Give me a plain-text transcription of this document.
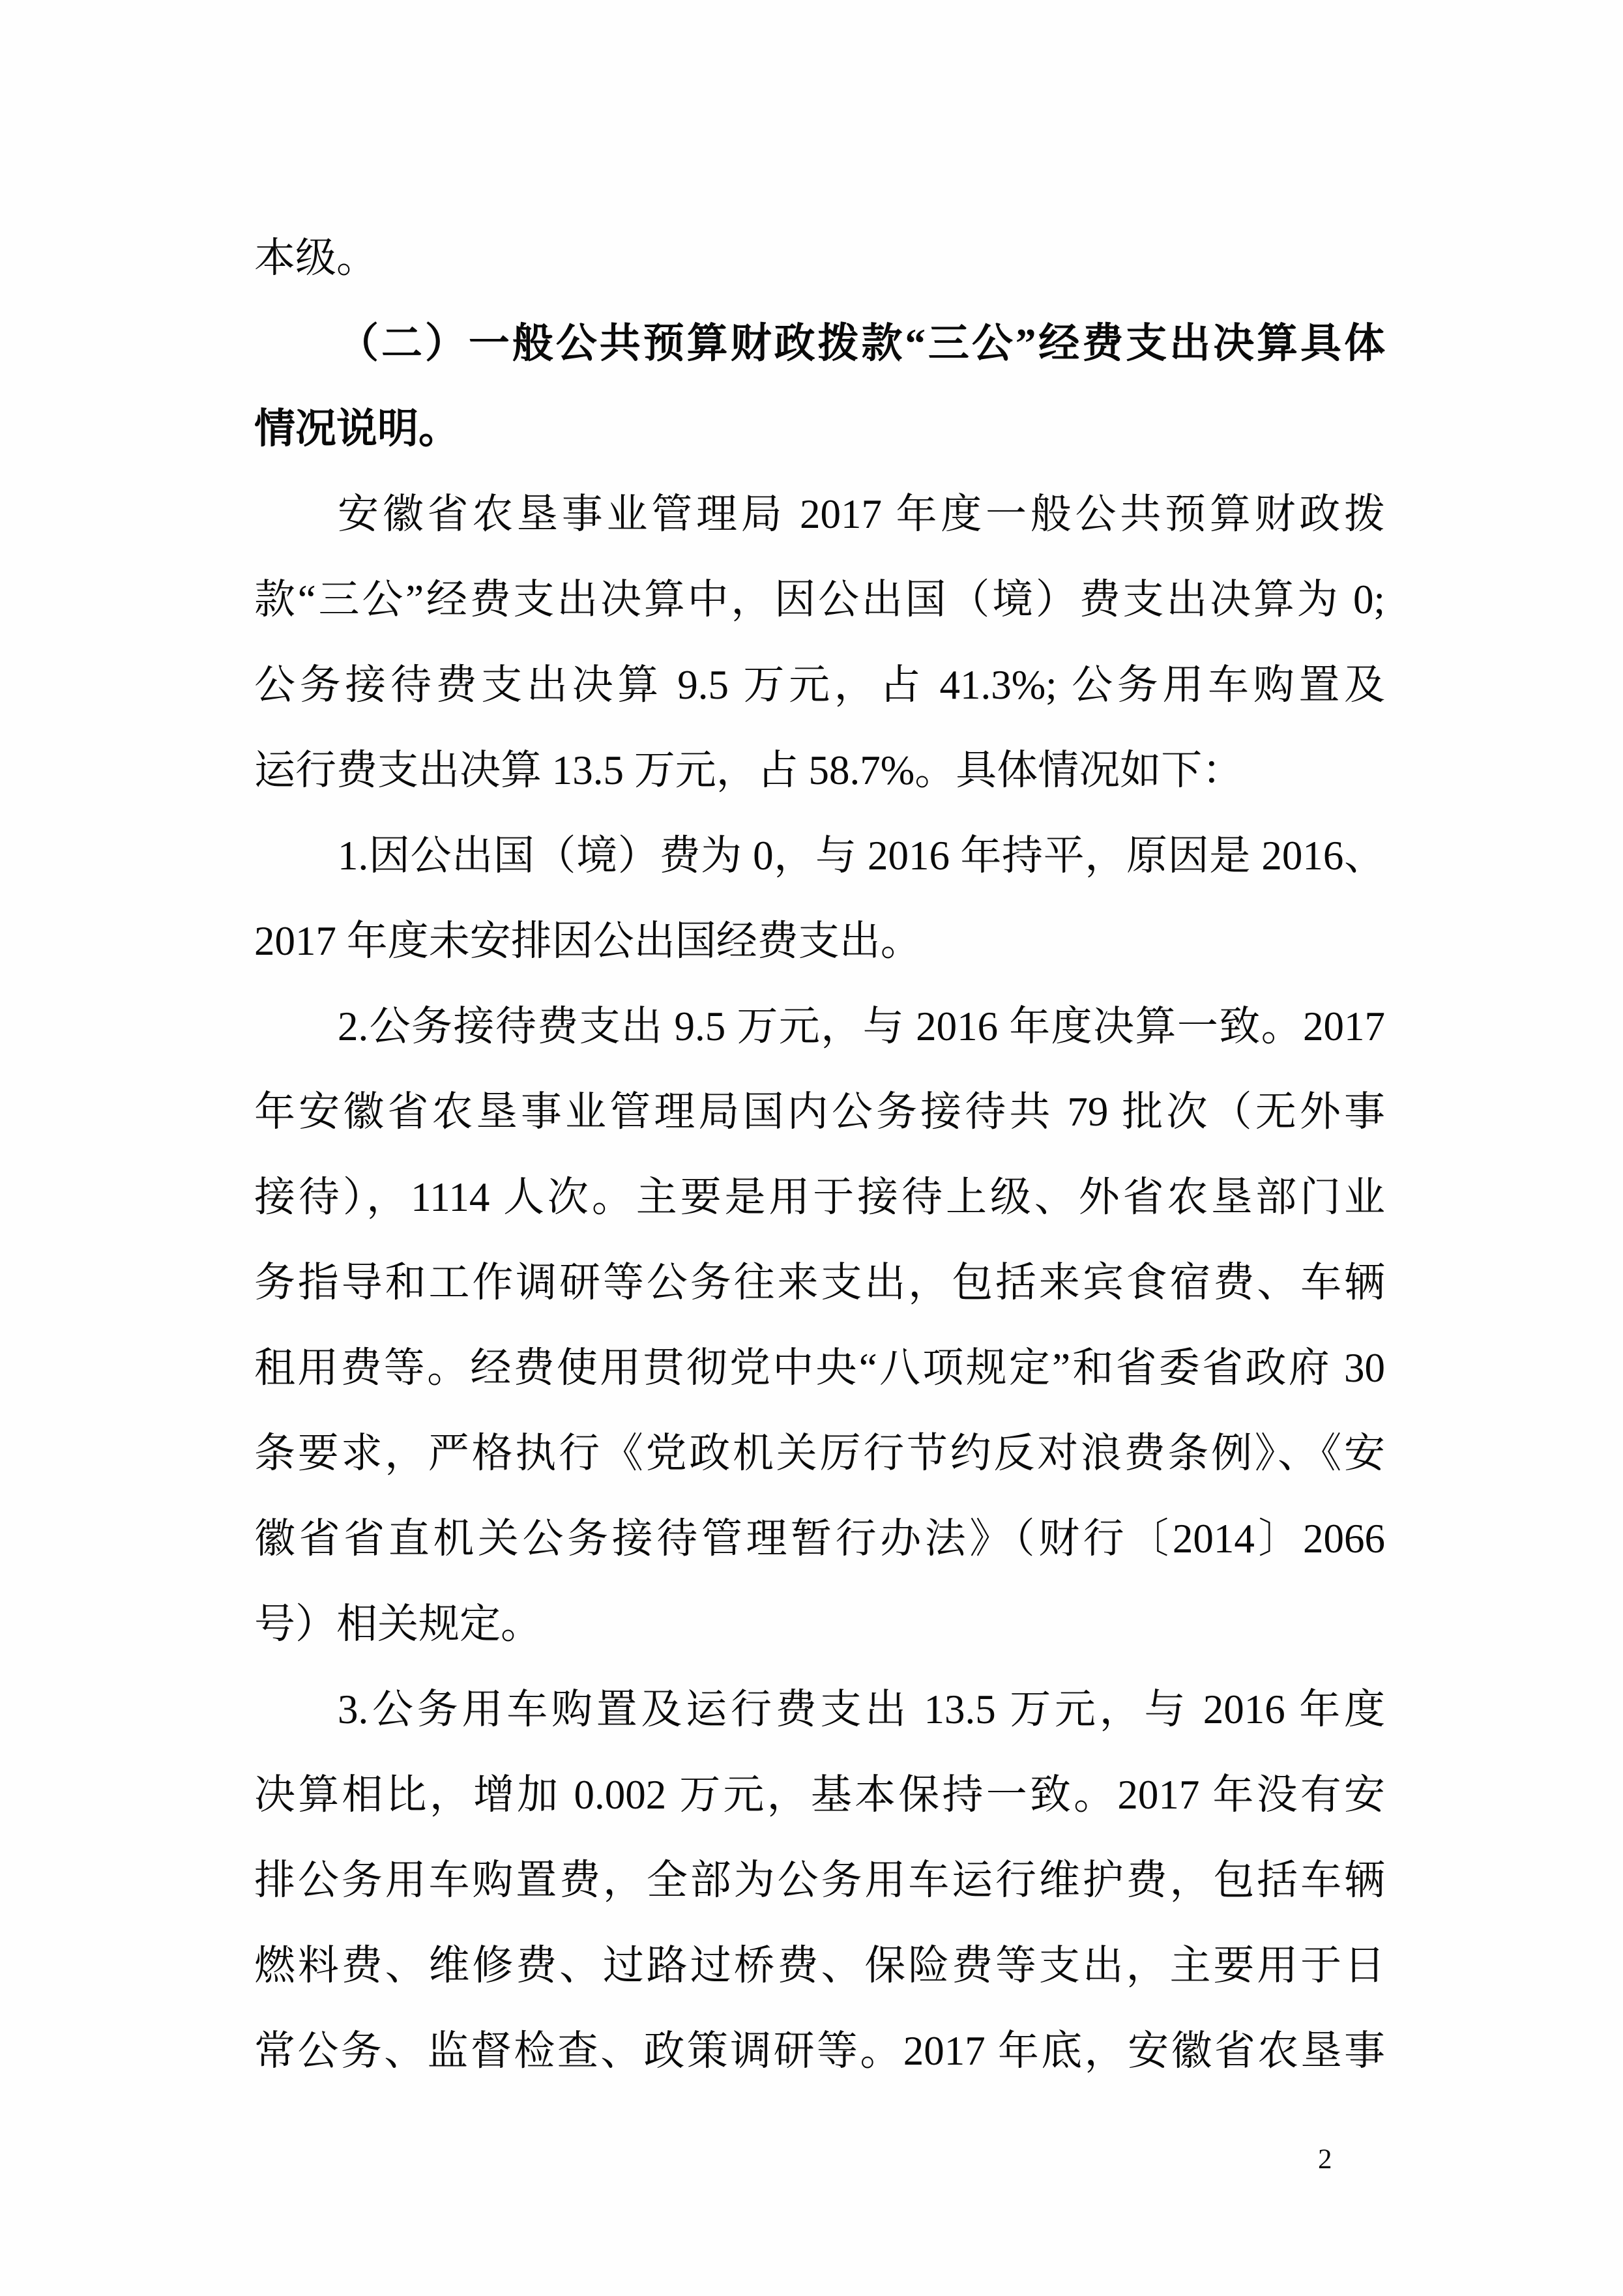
本级。
（二）一般公共预算财政拨款“三公”经费支出决算具体
情况说明。
安徽省农垦事业管理局 2017 年度一般公共预算财政拨
款“三公”经费支出决算中，因公出国（境）费支出决算为 0;
公务接待费支出决算 9.5 万元，占 41.3%; 公务用车购置及
运行费支出决算 13.5 万元，占 58.7%。具体情况如下：
1.因公出国（境）费为 0，与 2016 年持平，原因是 2016、
2017 年度未安排因公出国经费支出。
2.公务接待费支出 9.5 万元，与 2016 年度决算一致。2017
年安徽省农垦事业管理局国内公务接待共 79 批次（无外事
接待），1114 人次。主要是用于接待上级、外省农垦部门业
务指导和工作调研等公务往来支出，包括来宾食宿费、车辆
租用费等。经费使用贯彻党中央“八项规定”和省委省政府 30
条要求，严格执行《党政机关厉行节约反对浪费条例》、《安
徽省省直机关公务接待管理暂行办法》（财行〔2014〕2066
号）相关规定。
3.公务用车购置及运行费支出 13.5 万元，与 2016 年度
决算相比，增加 0.002 万元，基本保持一致。2017 年没有安
排公务用车购置费，全部为公务用车运行维护费，包括车辆
燃料费、维修费、过路过桥费、保险费等支出，主要用于日
常公务、监督检查、政策调研等。2017 年底，安徽省农垦事
2
